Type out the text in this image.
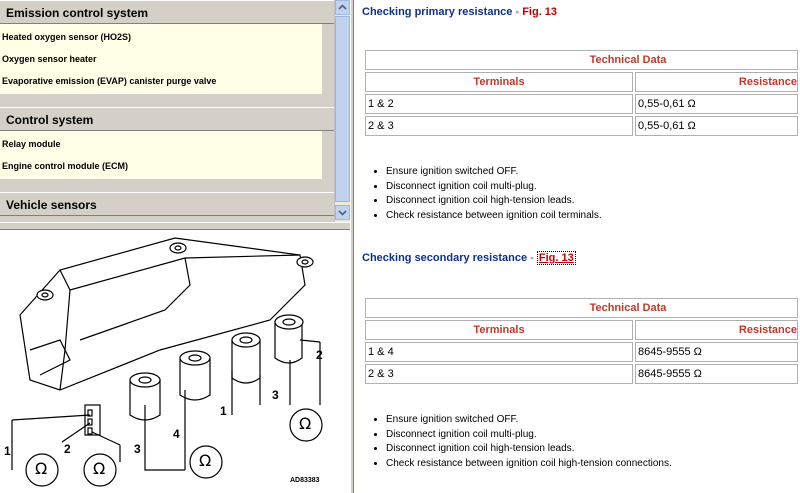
Emission control system
Heated oxygen sensor (HO2S)
Oxygen sensor heater
Evaporative emission (EVAP) canister purge valve
Control system
Relay module
Engine control module (ECM)
Vehicle sensors
Ω	Ω	Ω
Ω
1
1
2
2
3
3
4
AD83383
Checking primary resistance - Fig. 13
Technical Data	
Terminals	Resistance
1 & 2	0,55-0,61 Ω
2 & 3	0,55-0,61 Ω
• Ensure ignition switched OFF.
• Disconnect ignition coil multi-plug.
• Disconnect ignition coil high-tension leads.
• Check resistance between ignition coil terminals.
Checking secondary resistance - Fig. 13
Technical Data	
Terminals	Resistance
1 & 4	8645-9555 Ω
2 & 3	8645-9555 Ω
• Ensure ignition switched OFF.
• Disconnect ignition coil multi-plug.
• Disconnect ignition coil high-tension leads.
• Check resistance between ignition coil high-tension connections.
